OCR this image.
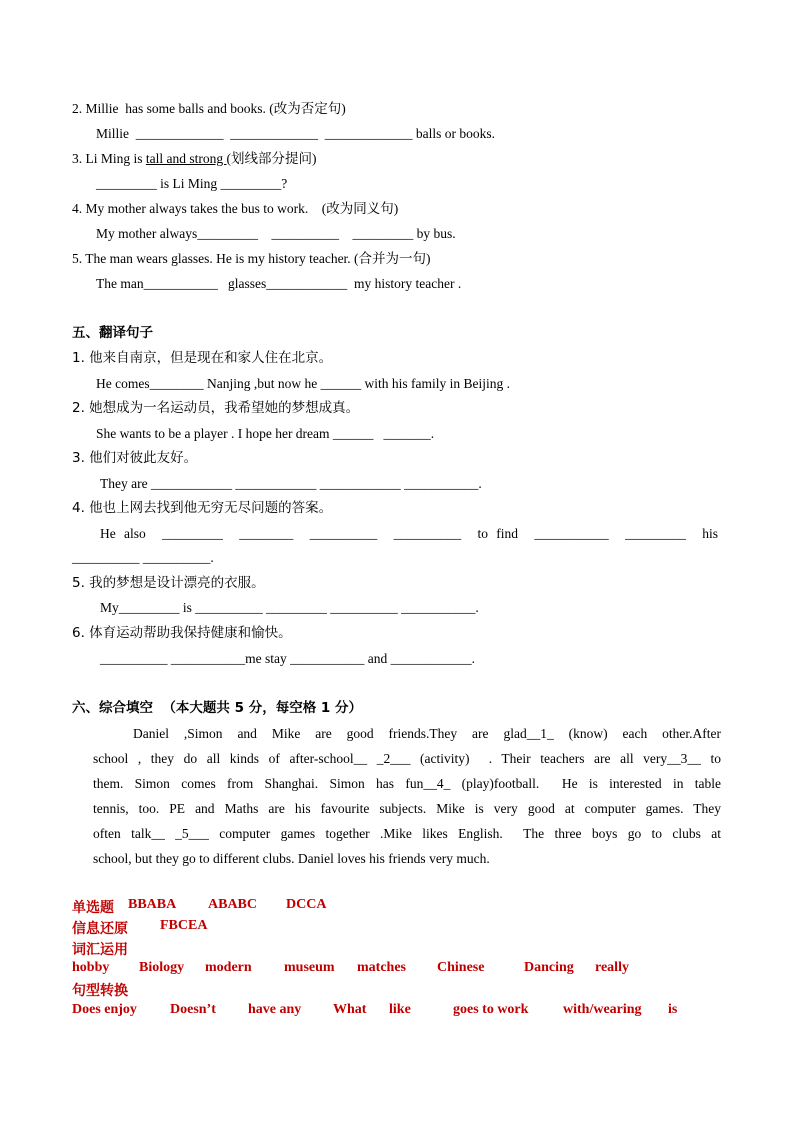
2. Millie  has some balls and books. (改为否定句)
Millie  _____________  _____________  _____________ balls or books.
3. Li Ming is tall and strong (划线部分提问)
_________ is Li Ming _________?
4. My mother always takes the bus to work.    (改为同义句)
My mother always_________    __________    _________ by bus.
5. The man wears glasses. He is my history teacher. (合并为一句)
The man___________   glasses____________  my history teacher .
五、翻译句子
1. 他来自南京，但是现在和家人住在北京。
He comes________ Nanjing ,but now he ______ with his family in Beijing .
2. 她想成为一名运动员，我希望她的梦想成真。
She wants to be a player . I hope her dream ______   _______.
3. 他们对彼此友好。
They are ____________ ____________ ____________ ___________.
4. 他也上网去找到他无穷无尽问题的答案。
He also  _________  ________  __________  __________  to find  ___________  _________  his
__________ __________.
5. 我的梦想是设计漂亮的衣服。
My_________ is __________ _________ __________ ___________.
6. 体育运动帮助我保持健康和愉快。
__________ ___________me stay ___________ and ____________.
六、综合填空  （本大题共 5 分，每空格 1 分）
Daniel ,Simon and Mike are good friends.They are glad__1_ (know) each other.After
school , they do all kinds of after-school__ _2___ (activity)  . Their teachers are all very__3__ to
them. Simon comes from Shanghai. Simon has fun__4_ (play)football.  He is interested in table
tennis, too. PE and Maths are his favourite subjects. Mike is very good at computer games. They
often talk__ _5___ computer games together .Mike likes English.  The three boys go to clubs at
school, but they go to different clubs. Daniel loves his friends very much.
单选题 BBABA ABABC DCCA
信息还原 FBCEA
词汇运用
hobby Biology modern museum matches Chinese	Dancing really
句型转换
Does enjoy Doesn’t have any What like	goes to work with/wearing is
